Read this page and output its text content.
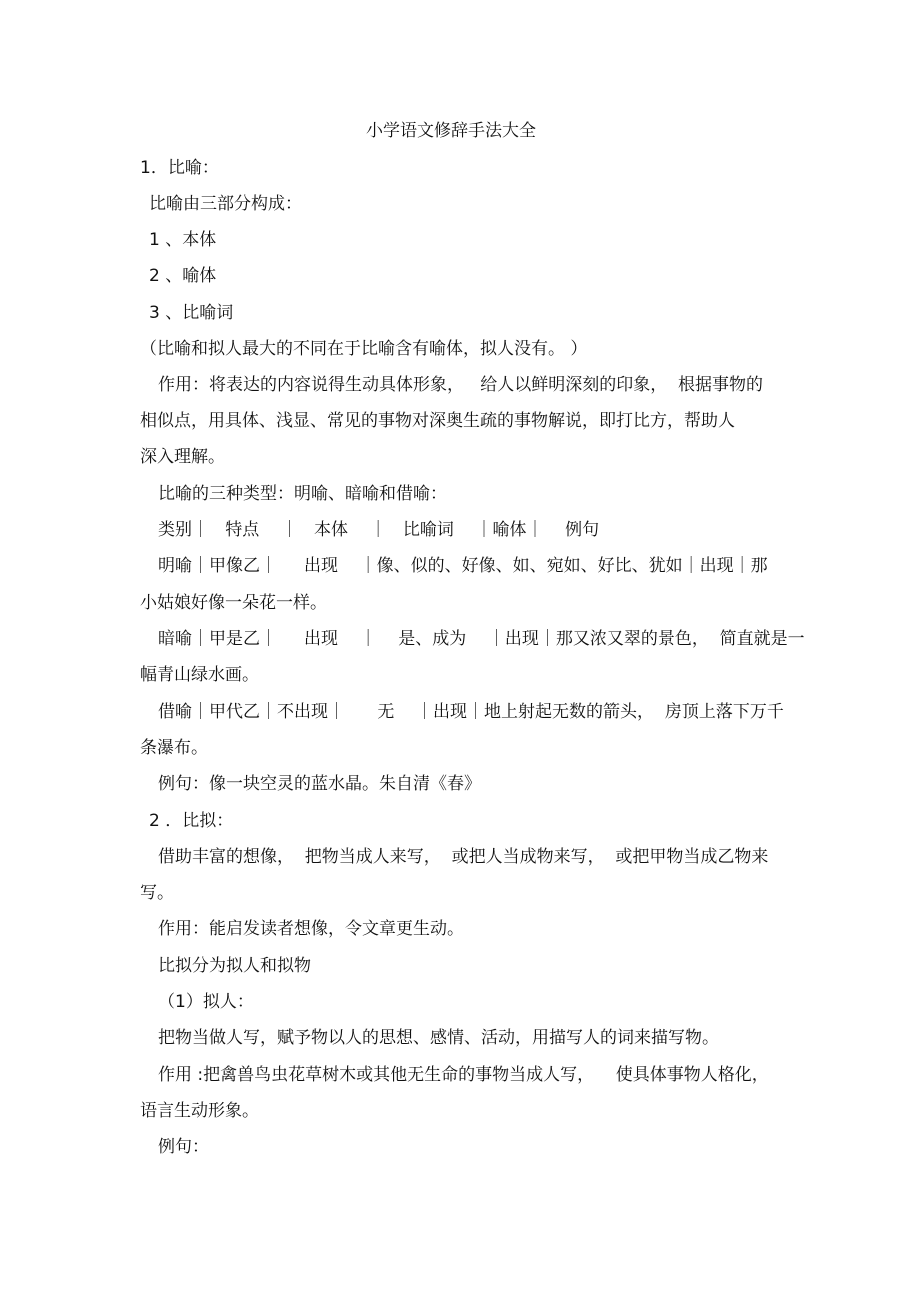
小学语文修辞手法大全
1．比喻：
比喻由三部分构成：
1 、本体
2 、喻体
3 、比喻词
（比喻和拟人最大的不同在于比喻含有喻体，拟人没有。 ）
作用：将表达的内容说得生动具体形象，   给人以鲜明深刻的印象，  根据事物的
相似点，用具体、浅显、常见的事物对深奥生疏的事物解说，即打比方，帮助人
深入理解。
比喻的三种类型：明喻、暗喻和借喻：
类别｜   特点    ｜   本体    ｜   比喻词    ｜喻体｜    例句
明喻｜甲像乙｜     出现    ｜像、似的、好像、如、宛如、好比、犹如｜出现｜那
小姑娘好像一朵花一样。
暗喻｜甲是乙｜     出现    ｜    是、成为    ｜出现｜那又浓又翠的景色，  简直就是一
幅青山绿水画。
借喻｜甲代乙｜不出现｜      无    ｜出现｜地上射起无数的箭头，  房顶上落下万千
条瀑布。
例句：像一块空灵的蓝水晶。朱自清《春》
2 ．比拟：
借助丰富的想像，  把物当成人来写，  或把人当成物来写，  或把甲物当成乙物来
写。
作用：能启发读者想像，令文章更生动。
比拟分为拟人和拟物
（1）拟人：
把物当做人写，赋予物以人的思想、感情、活动，用描写人的词来描写物。
作用 :把禽兽鸟虫花草树木或其他无生命的事物当成人写，    使具体事物人格化，
语言生动形象。
例句：
